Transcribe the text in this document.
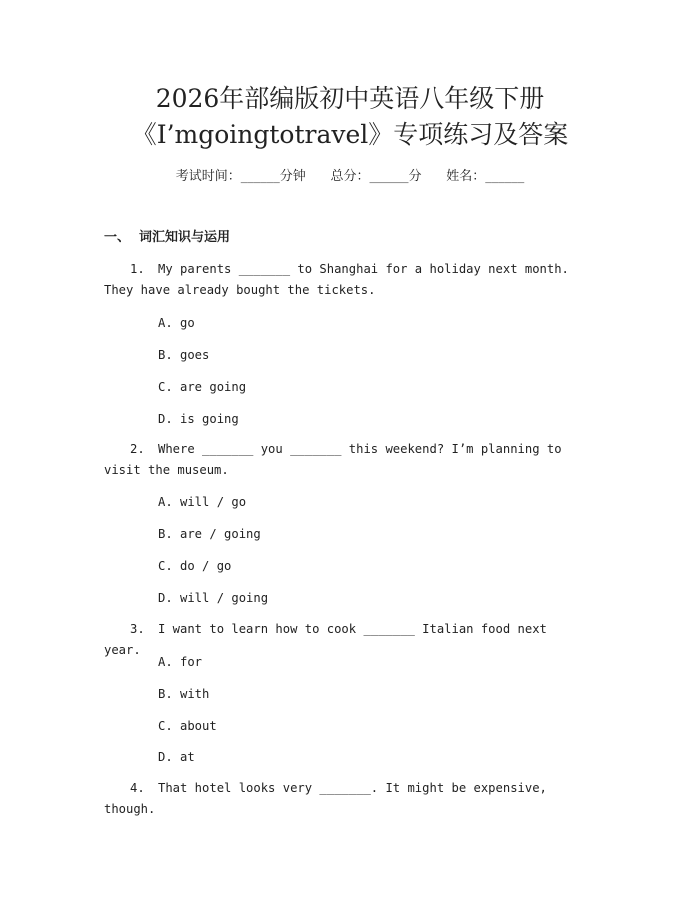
2026年部编版初中英语八年级下册
《I’mgoingtotravel》专项练习及答案
考试时间：______分钟      总分：______分      姓名：______
一、  词汇知识与运用
1. My parents _______ to Shanghai for a holiday next month. They have already bought the tickets.
A. go
B. goes
C. are going
D. is going
2. Where _______ you _______ this weekend? I’m planning to visit the museum.
A. will / go
B. are / going
C. do / go
D. will / going
3. I want to learn how to cook _______ Italian food next year.
A. for
B. with
C. about
D. at
4. That hotel looks very _______. It might be expensive, though.
